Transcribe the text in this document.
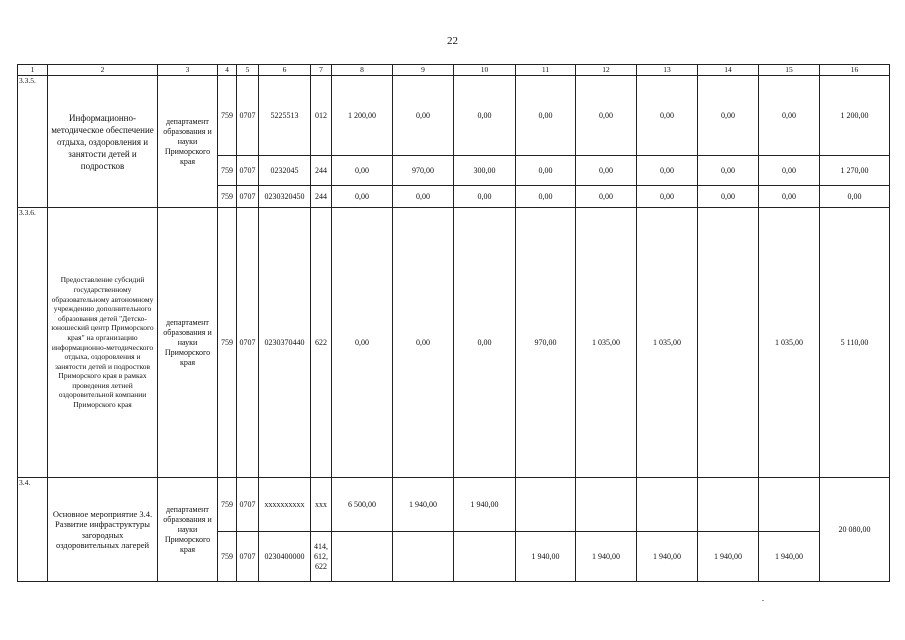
22
1	2	3	4	5	6	7	8	9	10	11	12	13	14	15	16
3.3.5.	Информационно-методическое обеспечение отдыха, оздоровления и занятости детей и подростков	департамент образования и науки Приморского края	759	0707	5225513	012	1 200,00	0,00	0,00	0,00	0,00	0,00	0,00	0,00	1 200,00
			759	0707	0232045	244	0,00	970,00	300,00	0,00	0,00	0,00	0,00	0,00	1 270,00
			759	0707	0230320450	244	0,00	0,00	0,00	0,00	0,00	0,00	0,00	0,00	0,00
3.3.6.	Предоставление субсидий государственному образовательному автономному учреждению дополнительного образования детей "Детско-юношеский центр Приморского края" на организацию информационно-методического отдыха, оздоровления и занятости детей и подростков Приморского края в рамках проведения летней оздоровительной компании Приморского края	департамент образования и науки Приморского края	759	0707	0230370440	622	0,00	0,00	0,00	970,00	1 035,00	1 035,00		1 035,00	5 110,00
3.4.	Основное мероприятие 3.4. Развитие инфраструктуры загородных оздоровительных лагерей	департамент образования и науки Приморского края	759	0707	xxxxxxxxxx	xxx	6 500,00	1 940,00	1 940,00						20 080,00
			759	0707	0230400000	414, 612, 622				1 940,00	1 940,00	1 940,00	1 940,00	1 940,00	
